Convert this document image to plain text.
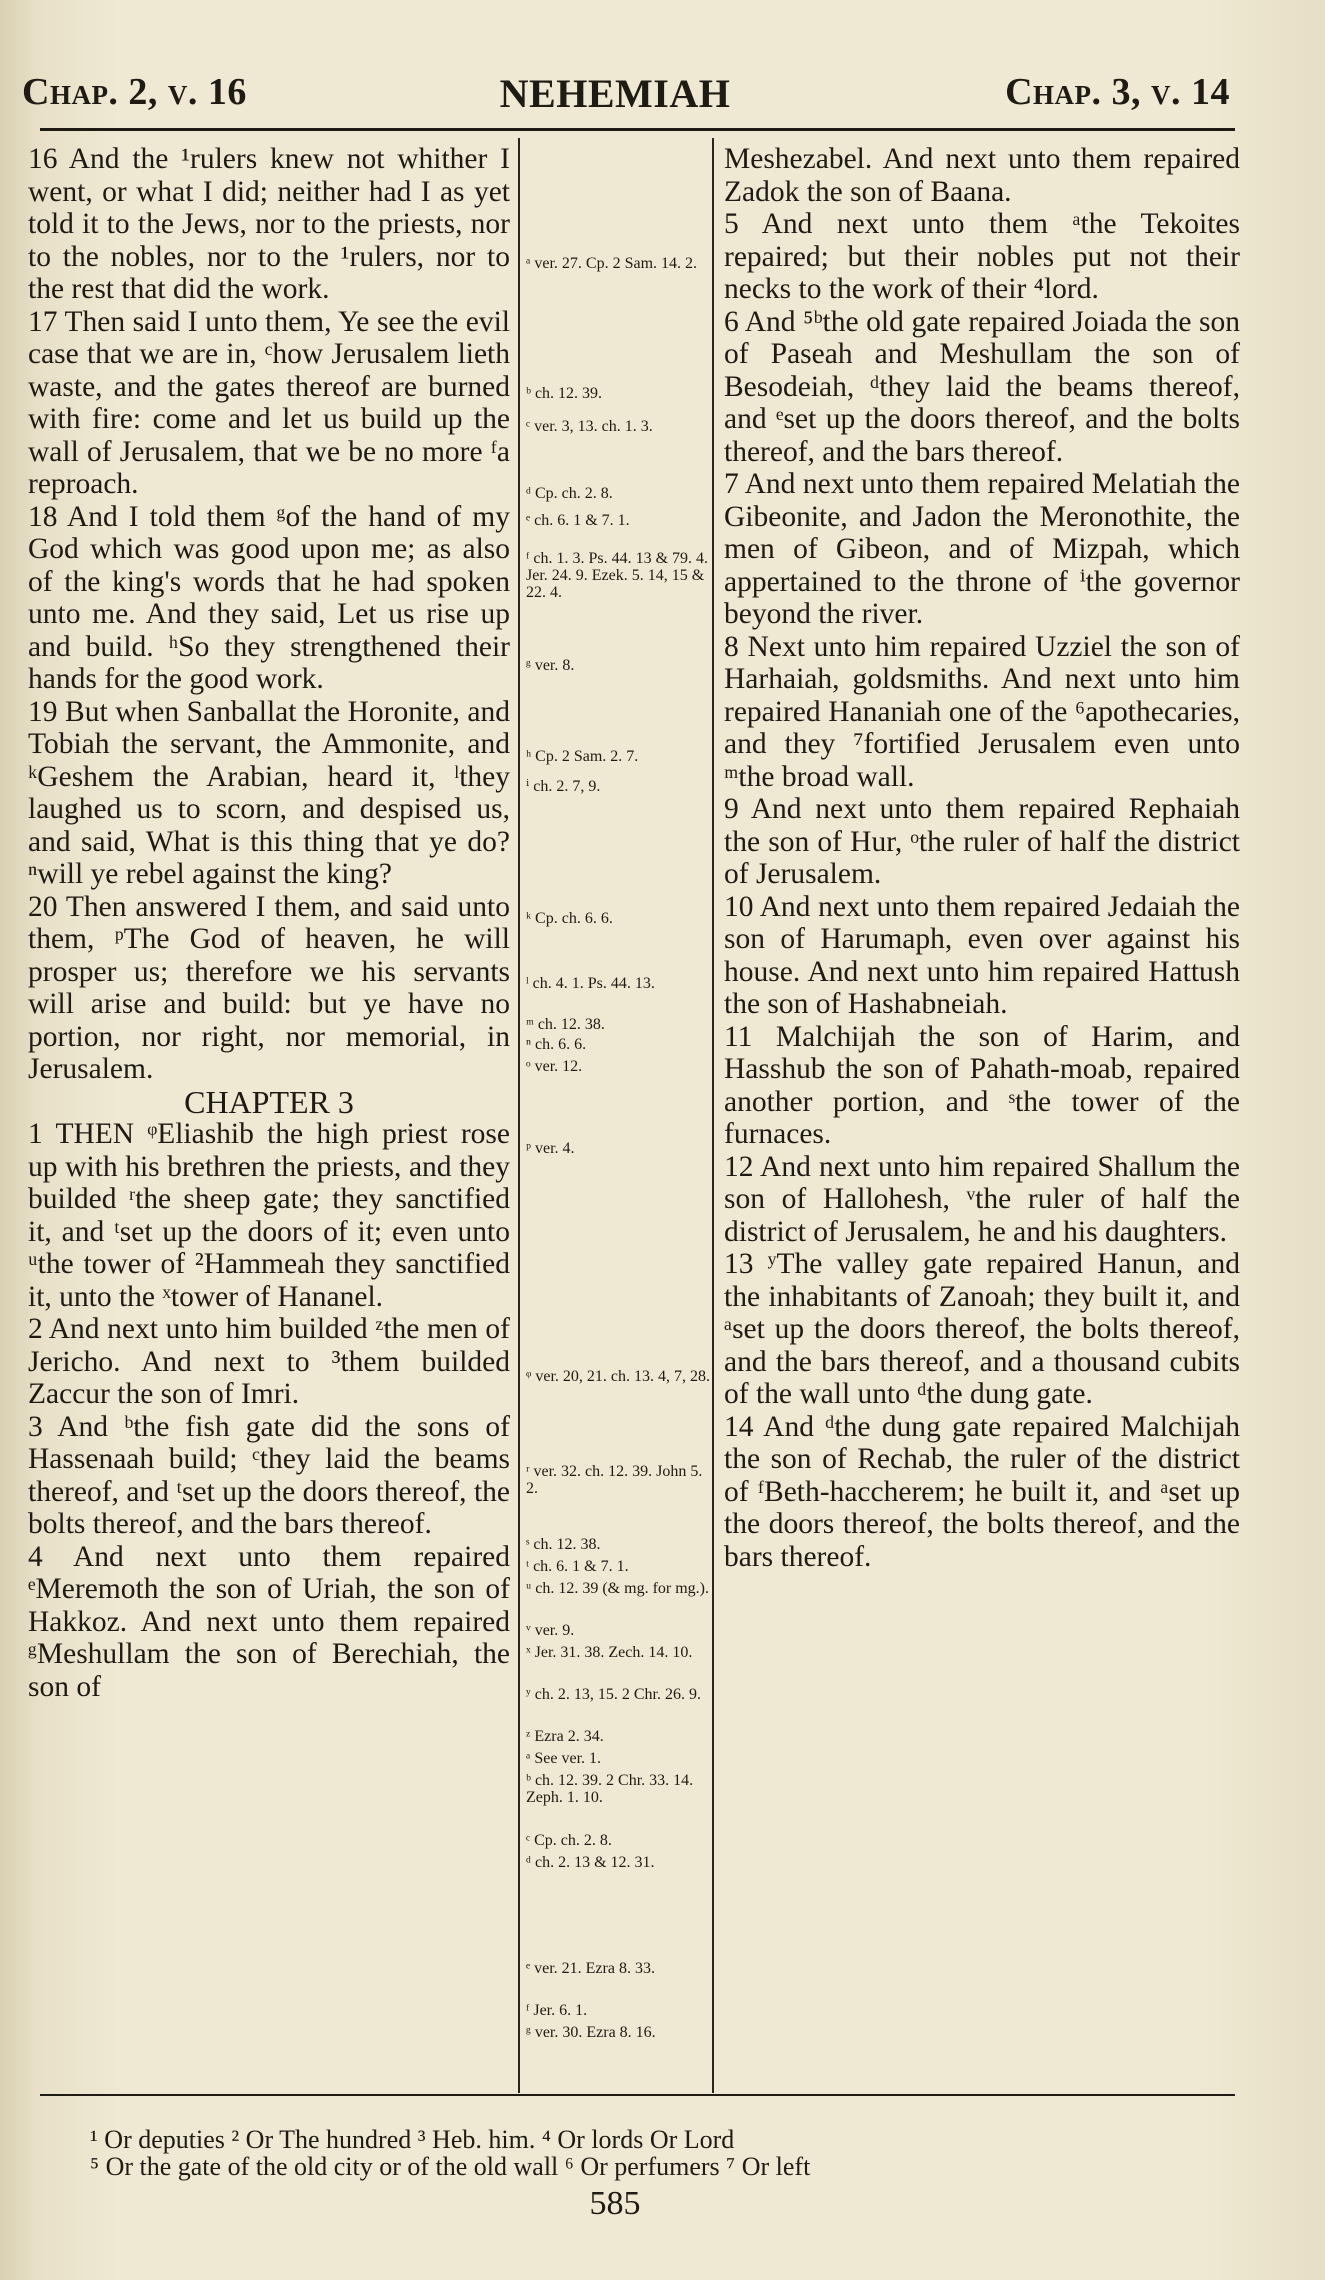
Chap. 2, v. 16	NEHEMIAH	Chap. 3, v. 14

16 And the ¹rulers knew not whither I went, or what I did; neither had I as yet told it to the Jews, nor to the priests, nor to the nobles, nor to the ¹rulers, nor to the rest that did the work.

17 Then said I unto them, Ye see the evil case that we are in, ᶜhow Jerusalem lieth waste, and the gates thereof are burned with fire: come and let us build up the wall of Jerusalem, that we be no more ᶠa reproach.

18 And I told them ᵍof the hand of my God which was good upon me; as also of the king's words that he had spoken unto me. And they said, Let us rise up and build. ʰSo they strengthened their hands for the good work.

19 But when Sanballat the Horonite, and Tobiah the servant, the Ammonite, and ᵏGeshem the Arabian, heard it, ˡthey laughed us to scorn, and despised us, and said, What is this thing that ye do? ⁿwill ye rebel against the king?

20 Then answered I them, and said unto them, ᵖThe God of heaven, he will prosper us; therefore we his servants will arise and build: but ye have no portion, nor right, nor memorial, in Jerusalem.

CHAPTER 3

1 THEN ᵠEliashib the high priest rose up with his brethren the priests, and they builded ʳthe sheep gate; they sanctified it, and ᵗset up the doors of it; even unto ᵘthe tower of ²Hammeah they sanctified it, unto the ˣtower of Hananel.

2 And next unto him builded ᶻthe men of Jericho. And next to ³them builded Zaccur the son of Imri.

3 And ᵇthe fish gate did the sons of Hassenaah build; ᶜthey laid the beams thereof, and ᵗset up the doors thereof, the bolts thereof, and the bars thereof.

4 And next unto them repaired ᵉMeremoth the son of Uriah, the son of Hakkoz. And next unto them repaired ᵍMeshullam the son of Berechiah, the son of

ᵃ ver. 27. Cp. 2 Sam. 14. 2.
ᵇ ch. 12. 39.
ᶜ ver. 3, 13. ch. 1. 3.
ᵈ Cp. ch. 2. 8.
ᵉ ch. 6. 1 & 7. 1.
ᶠ ch. 1. 3. Ps. 44. 13 & 79. 4. Jer. 24. 9. Ezek. 5. 14, 15 & 22. 4.
ᵍ ver. 8.
ʰ Cp. 2 Sam. 2. 7.
ⁱ ch. 2. 7, 9.
ᵏ Cp. ch. 6. 6.
ˡ ch. 4. 1. Ps. 44. 13.
ᵐ ch. 12. 38.
ⁿ ch. 6. 6.
ᵒ ver. 12.
ᵖ ver. 4.
ᵠ ver. 20, 21. ch. 13. 4, 7, 28.
ʳ ver. 32. ch. 12. 39. John 5. 2.
ˢ ch. 12. 38.
ᵗ ch. 6. 1 & 7. 1.
ᵘ ch. 12. 39 (& mg. for mg.).
ᵛ ver. 9.
ˣ Jer. 31. 38. Zech. 14. 10.
ʸ ch. 2. 13, 15. 2 Chr. 26. 9.
ᶻ Ezra 2. 34.
ᵃ See ver. 1.
ᵇ ch. 12. 39. 2 Chr. 33. 14. Zeph. 1. 10.
ᶜ Cp. ch. 2. 8.
ᵈ ch. 2. 13 & 12. 31.
ᵉ ver. 21. Ezra 8. 33.
ᶠ Jer. 6. 1.
ᵍ ver. 30. Ezra 8. 16.

Meshezabel. And next unto them repaired Zadok the son of Baana.

5 And next unto them ᵃthe Tekoites repaired; but their nobles put not their necks to the work of their ⁴lord.

6 And ⁵ᵇthe old gate repaired Joiada the son of Paseah and Meshullam the son of Besodeiah, ᵈthey laid the beams thereof, and ᵉset up the doors thereof, and the bolts thereof, and the bars thereof.

7 And next unto them repaired Melatiah the Gibeonite, and Jadon the Meronothite, the men of Gibeon, and of Mizpah, which appertained to the throne of ⁱthe governor beyond the river.

8 Next unto him repaired Uzziel the son of Harhaiah, goldsmiths. And next unto him repaired Hananiah one of the ⁶apothecaries, and they ⁷fortified Jerusalem even unto ᵐthe broad wall.

9 And next unto them repaired Rephaiah the son of Hur, ᵒthe ruler of half the district of Jerusalem.

10 And next unto them repaired Jedaiah the son of Harumaph, even over against his house. And next unto him repaired Hattush the son of Hashabneiah.

11 Malchijah the son of Harim, and Hasshub the son of Pahath-moab, repaired another portion, and ˢthe tower of the furnaces.

12 And next unto him repaired Shallum the son of Hallohesh, ᵛthe ruler of half the district of Jerusalem, he and his daughters.

13 ʸThe valley gate repaired Hanun, and the inhabitants of Zanoah; they built it, and ᵃset up the doors thereof, the bolts thereof, and the bars thereof, and a thousand cubits of the wall unto ᵈthe dung gate.

14 And ᵈthe dung gate repaired Malchijah the son of Rechab, the ruler of the district of ᶠBeth-haccherem; he built it, and ᵃset up the doors thereof, the bolts thereof, and the bars thereof.

¹ Or deputies ² Or The hundred ³ Heb. him. ⁴ Or lords Or Lord
⁵ Or the gate of the old city or of the old wall ⁶ Or perfumers ⁷ Or left
585
